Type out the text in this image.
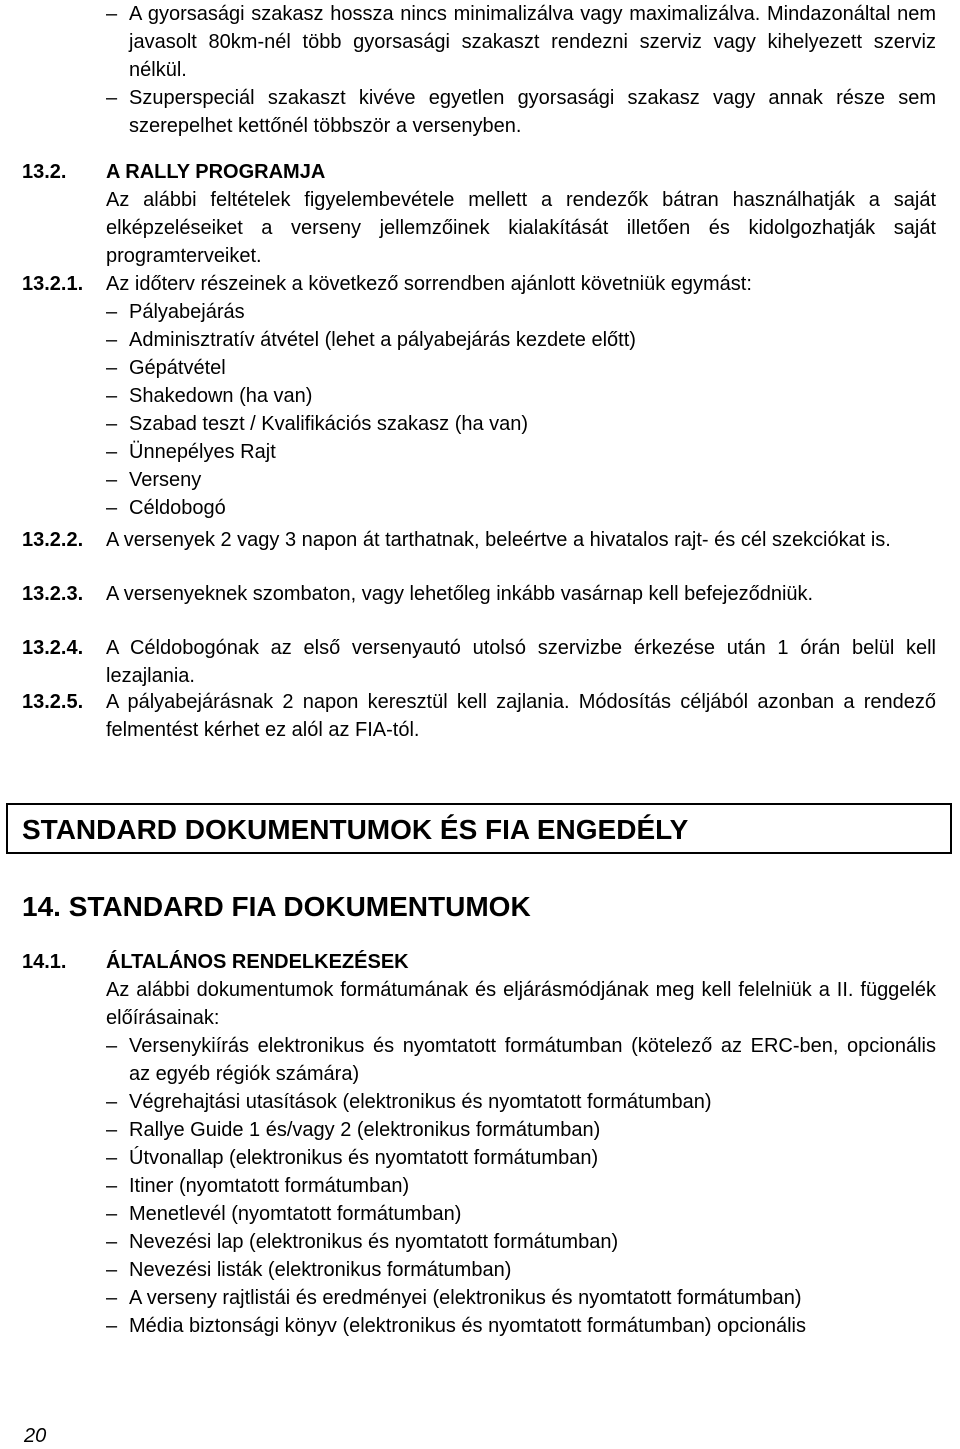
– A gyorsasági szakasz hossza nincs minimalizálva vagy maximalizálva. Mindazonáltal nem javasolt 80km-nél több gyorsasági szakaszt rendezni szerviz vagy kihelyezett szerviz nélkül.
– Szuperspeciál szakaszt kivéve egyetlen gyorsasági szakasz vagy annak része sem szerepelhet kettőnél többször a versenyben.
13.2.	A RALLY PROGRAMJA
Az alábbi feltételek figyelembevétele mellett a rendezők bátran használhatják a saját elképzeléseiket a verseny jellemzőinek kialakítását illetően és kidolgozhatják saját programterveiket.
13.2.1.	Az időterv részeinek a következő sorrendben ajánlott követniük egymást:
– Pályabejárás
– Adminisztratív átvétel (lehet a pályabejárás kezdete előtt)
– Gépátvétel
– Shakedown (ha van)
– Szabad teszt / Kvalifikációs szakasz (ha van)
– Ünnepélyes Rajt
– Verseny
– Céldobogó
13.2.2.	A versenyek 2 vagy 3 napon át tarthatnak, beleértve a hivatalos rajt- és cél szekciókat is.
13.2.3.	A versenyeknek szombaton, vagy lehetőleg inkább vasárnap kell befejeződniük.
13.2.4.	A Céldobogónak az első versenyautó utolsó szervizbe érkezése után 1 órán belül kell lezajlania.
13.2.5.	A pályabejárásnak 2 napon keresztül kell zajlania. Módosítás céljából azonban a rendező felmentést kérhet ez alól az FIA-tól.
STANDARD DOKUMENTUMOK ÉS FIA ENGEDÉLY
14. STANDARD FIA DOKUMENTUMOK
14.1.	ÁLTALÁNOS RENDELKEZÉSEK
Az alábbi dokumentumok formátumának és eljárásmódjának meg kell felelniük a II. függelék előírásainak:
– Versenykiírás elektronikus és nyomtatott formátumban (kötelező az ERC-ben, opcionális az egyéb régiók számára)
– Végrehajtási utasítások (elektronikus és nyomtatott formátumban)
– Rallye Guide 1 és/vagy 2 (elektronikus formátumban)
– Útvonallap (elektronikus és nyomtatott formátumban)
– Itiner (nyomtatott formátumban)
– Menetlevél (nyomtatott formátumban)
– Nevezési lap (elektronikus és nyomtatott formátumban)
– Nevezési listák (elektronikus formátumban)
– A verseny rajtlistái és eredményei (elektronikus és nyomtatott formátumban)
– Média biztonsági könyv (elektronikus és nyomtatott formátumban) opcionális
20
